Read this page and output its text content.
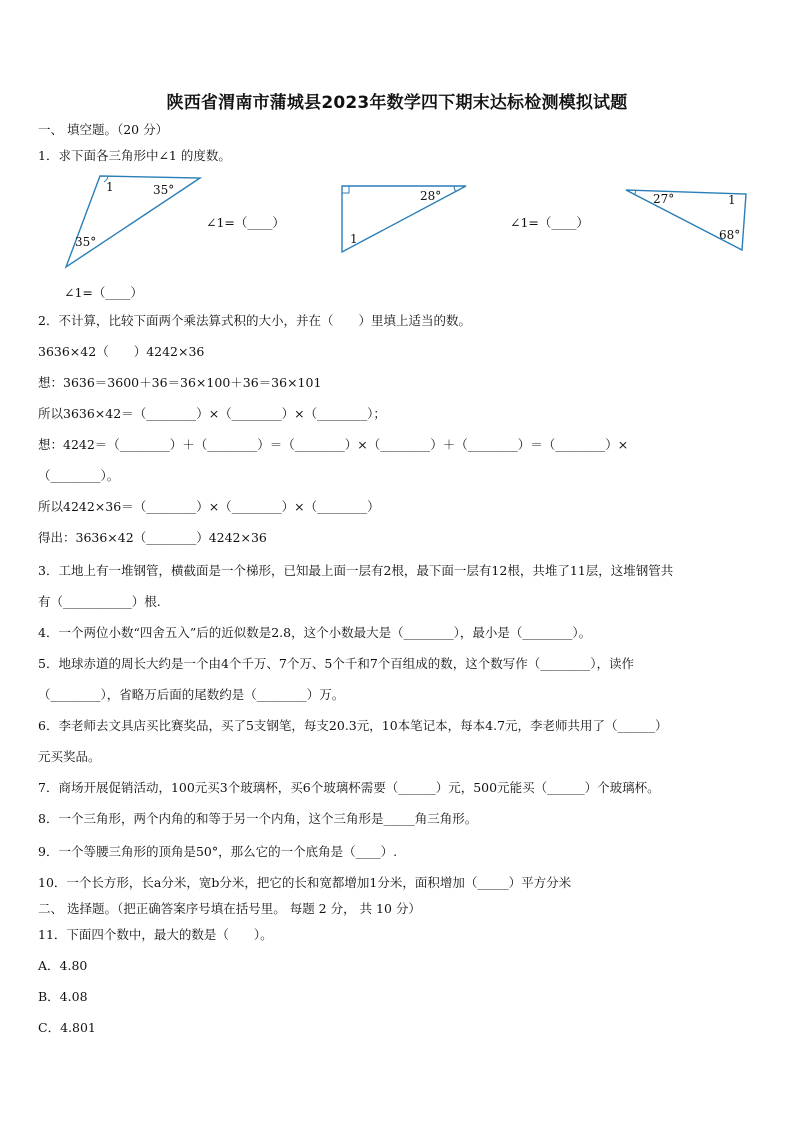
陕西省渭南市蒲城县2023年数学四下期末达标检测模拟试题
一、 填空题。（20 分）
1．求下面各三角形中∠1 的度数。
1	35°
35°
∠1=（____）
∠1=（____）
28°
1
∠1=（____）
27°	1
68°
2．不计算，比较下面两个乘法算式积的大小，并在（　　）里填上适当的数。
3636×42（　　）4242×36
想：3636＝3600＋36＝36×100＋36＝36×101
所以3636×42＝（________）×（________）×（________）；
想：4242＝（________）＋（________）＝（________）×（________）＋（________）＝（________）×
（________）。
所以4242×36＝（________）×（________）×（________）
得出：3636×42（________）4242×36
3．工地上有一堆钢管，横截面是一个梯形，已知最上面一层有2根，最下面一层有12根，共堆了11层，这堆钢管共
有（___________）根.
4．一个两位小数“四舍五入”后的近似数是2.8，这个小数最大是（________），最小是（________）。
5．地球赤道的周长大约是一个由4个千万、7个万、5个千和7个百组成的数，这个数写作（________），读作
（________），省略万后面的尾数约是（________）万。
6．李老师去文具店买比赛奖品，买了5支钢笔，每支20.3元，10本笔记本，每本4.7元，李老师共用了（______）
元买奖品。
7．商场开展促销活动，100元买3个玻璃杯，买6个玻璃杯需要（______）元，500元能买（______）个玻璃杯。
8．一个三角形，两个内角的和等于另一个内角，这个三角形是_____角三角形。
9．一个等腰三角形的顶角是50°，那么它的一个底角是（____）.
10．一个长方形，长a分米，宽b分米，把它的长和宽都增加1分米，面积增加（_____）平方分米
二、 选择题。（把正确答案序号填在括号里。 每题 2 分， 共 10 分）
11．下面四个数中，最大的数是（　　）。
A．4.80
B．4.08
C．4.801
